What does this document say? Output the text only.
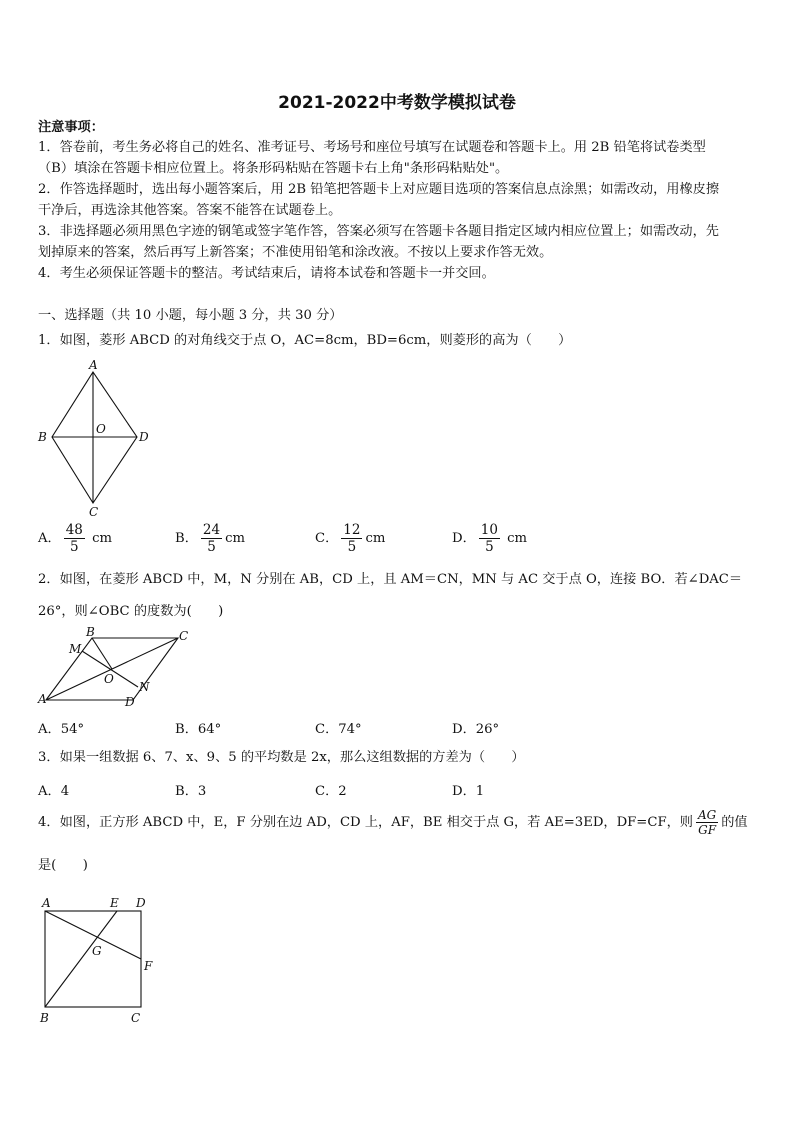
2021-2022中考数学模拟试卷
注意事项：
1．答卷前，考生务必将自己的姓名、准考证号、考场号和座位号填写在试题卷和答题卡上。用 2B 铅笔将试卷类型
（B）填涂在答题卡相应位置上。将条形码粘贴在答题卡右上角"条形码粘贴处"。
2．作答选择题时，选出每小题答案后，用 2B 铅笔把答题卡上对应题目选项的答案信息点涂黑；如需改动，用橡皮擦
干净后，再选涂其他答案。答案不能答在试题卷上。
3．非选择题必须用黑色字迹的钢笔或签字笔作答，答案必须写在答题卡各题目指定区域内相应位置上；如需改动，先
划掉原来的答案，然后再写上新答案；不准使用铅笔和涂改液。不按以上要求作答无效。
4．考生必须保证答题卡的整洁。考试结束后，请将本试卷和答题卡一并交回。
一、选择题（共 10 小题，每小题 3 分，共 30 分）
1．如图，菱形 ABCD 的对角线交于点 O，AC=8cm，BD=6cm，则菱形的高为（　　）
A
B
C
D
O
A． $\frac{48}{5}$ cm	B． $\frac{24}{5}$ cm	C． $\frac{12}{5}$ cm	D． $\frac{10}{5}$ cm
2．如图，在菱形 ABCD 中，M，N 分别在 AB，CD 上，且 AM＝CN，MN 与 AC 交于点 O，连接 BO．若∠DAC＝
26°，则∠OBC 的度数为(　　)
B	C
M
O
N
A	D
A．54°	B．64°	C．74°	D．26°
3．如果一组数据 6、7、x、9、5 的平均数是 2x，那么这组数据的方差为（　　）
A．4	B．3	C．2	D．1
4．如图，正方形 ABCD 中，E，F 分别在边 AD，CD 上，AF，BE 相交于点 G，若 AE=3ED，DF=CF，则 $\frac{AG}{GF}$ 的值
是(　　)
A	E D
G
F
B	C
